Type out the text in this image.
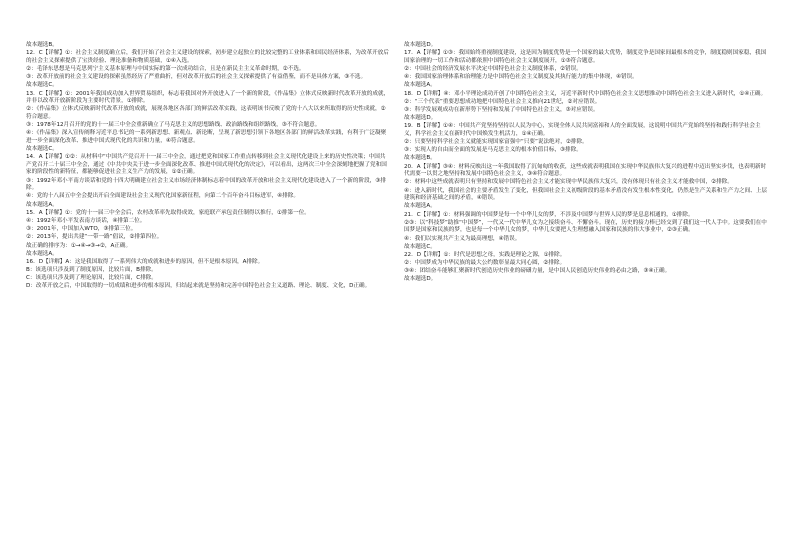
故本题选B。

12．C【详解】①：社会主义制度确立后，我们开始了社会主义建设的探索，初步建立起独立的比较完整的工业体系和国民经济体系，为改革开放后的社会主义探索提供了宝贵经验、理论准备和物质基础，①④入选。

②：毛泽东思想是马克思列宁主义基本原理与中国实际的第一次成功结合，且是在新民主主义革命时期，②不选。

③：改革开放前的社会主义建设的探索虽然经历了严重曲折，但对改革开放后的社会主义探索提供了有益借鉴，而不是具体方案，③不选。

故本题选C。

13．C【详解】①：2001年我国成功加入世界贸易组织，标志着我国对外开放进入了一个新的阶段，《作品集》立体式反映新时代改革开放的成就，并非以改革开放新阶段为主要时代背景，①排除。

②：《作品集》立体式反映新时代改革开放的成就，展现各地区各部门的鲜活改革实践，这表明该书反映了党的十八大以来所取得的历史性成就，②符合题意。

③：1978年12月召开的党的十一届三中全会重新确立了马克思主义的思想路线、政治路线和组织路线，③不符合题意。

④：《作品集》深入宣传阐释习近平总书记的一系列新思想、新观点、新论断，呈现了新思想引领下各地区各部门的鲜活改革实践，有利于广泛凝聚进一步全面深化改革、推进中国式现代化的共识和力量，④符合题意。

故本题选C。

14．A【详解】①②：从材料中“中国共产党召开十一届三中全会，通过把党和国家工作重点转移到社会主义现代化建设上来的历史性决策；中国共产党召开二十届三中全会，通过《中共中央关于进一步全面深化改革、推进中国式现代化的决定》，可以看出，这两次三中全会深刻地把握了党和国家的阶段性的新特征，都能够促进社会主义生产力的发展，①②正确。

③：1992年邓小平南方谈话和党的十四大明确建立社会主义市场经济体制标志着中国的改革开放和社会主义现代化建设进入了一个新的阶段，③排除。

④：党的十八届五中全会提出开启全面建设社会主义现代化国家新征程，向第二个百年奋斗目标进军，④排除。

故本题选A。

15．A【详解】①：党的十一届三中全会后，农村改革率先取得成效，家庭联产承包责任制得以推行，①排第一位。

④：1992年邓小平发表南方谈话，④排第二位。

③：2001年，中国加入WTO，③排第三位。

②：2013年，提出共建“一带一路”倡议，②排第四位。

故正确的排序为：①→④→③→②，A正确。

故本题选A。

16．D【详解】A：这是我国取得了一系列伟大的成就和进步的原因，但不是根本原因，A排除。

B：该选项只涉及到了制度原因，比较片面，B排除。

C：该选项只涉及到了理论原因，比较片面，C排除。

D：改革开放之后，中国取得的一切成绩和进步的根本原因，归结起来就是坚持和完善中国特色社会主义道路、理论、制度、文化，D正确。

故本题选D。

17．A【详解】①③：我国始终重视制度建设，这是因为制度优势是一个国家的最大优势，制度竞争是国家间最根本的竞争，制度稳则国家稳，我国国家治理的一切工作和活动都依照中国特色社会主义制度展开，①③符合题意。

②：中国社会的经济发展水平决定中国特色社会主义制度体系，②错误。

④：我国国家治理体系和治理能力是中国特色社会主义制度及其执行能力的集中体现，④错误。

故本题选A。

18．D【详解】④：邓小平理论成功开创了中国特色社会主义，习近平新时代中国特色社会主义思想推动中国特色社会主义进入新时代，①④正确。

②：“三个代表”重要思想成功地把中国特色社会主义推向21世纪，②对应错误。

③：科学发展观成功在新形势下坚持和发展了中国特色社会主义，③对应错误。

故本题选D。

19．B【详解】①④：中国共产党坚持坚持以人民为中心，实现全体人民共同富裕和人的全面发展，这说明中国共产党始终坚持和践行科学社会主义，科学社会主义在新时代中国焕发生机活力，①④正确。

②：只要坚持科学社会主义就能实现国家富强中“只要”说法绝对，②排除。

③：实现人的自由而全面的发展是马克思主义的根本价值目标，③排除。

故本题选B。

20．A【详解】③④：材料反映出这一年我国取得了沉甸甸的收获，这些成就表明我国在实现中华民族伟大复兴的进程中迈出坚实步伐，也表明新时代需要一以贯之地坚持和发展中国特色社会主义，③④符合题意。

②：材料中这些成就表明只有坚持和发展中国特色社会主义才能实现中华民族伟大复兴，没有体现只有社会主义才能救中国，②排除。

④：进入新时代，我国社会的主要矛盾发生了变化，但我国社会主义初级阶段的基本矛盾没有发生根本性变化，仍然是生产关系和生产力之间、上层建筑和经济基础之间的矛盾，④错误。

故本题选A。

21．C【详解】①：材料强调的中国梦是每一个中华儿女的梦，不涉及中国梦与世界人民的梦是息息相通的，①排除。

②③：以“科技梦”助推“中国梦”，一代又一代中华儿女为之接续奋斗、不懈奋斗。现在，历史的接力棒已经交到了我们这一代人手中。这要我们在中国梦是国家和民族的梦，也是每一个中华儿女的梦，中华儿女要把人生理想融入国家和民族的伟大事业中，②③正确。

④：我们以实现共产主义为最高理想，④错误。

故本题选C。

22．D【详解】①：时代是思想之母，实践是理论之源，①排除。

②：中国梦成为中华民族的最大公约数彰显最大同心圆，②排除。

③④：团结奋斗能够汇聚新时代创造历史伟业的磅礴力量，是中国人民创造历史伟业的必由之路，③④正确。

故本题选D。
